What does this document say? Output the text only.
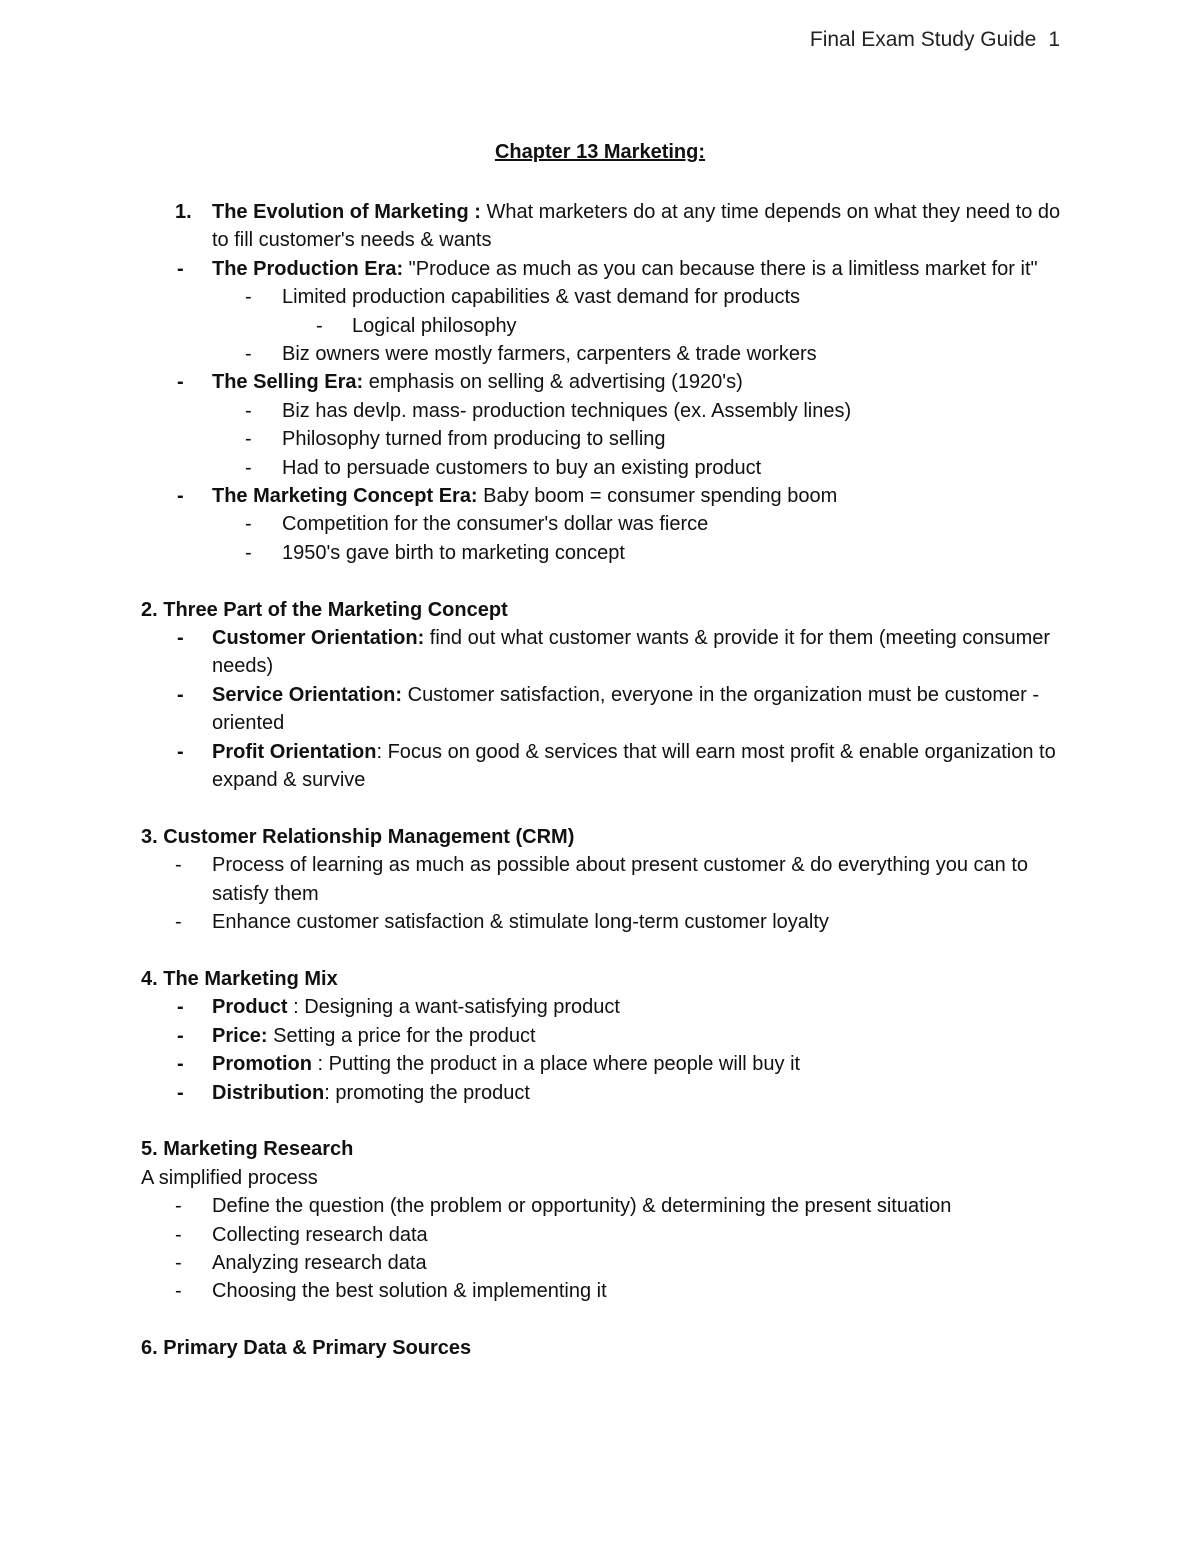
Final Exam Study Guide 1
Chapter 13 Marketing:
1. The Evolution of Marketing : What marketers do at any time depends on what they need to do to fill customer's needs & wants
- The Production Era: "Produce as much as you can because there is a limitless market for it"
- Limited production capabilities & vast demand for products
- Logical philosophy
- Biz owners were mostly farmers, carpenters & trade workers
- The Selling Era: emphasis on selling & advertising (1920's)
- Biz has devlp. mass- production techniques (ex. Assembly lines)
- Philosophy turned from producing to selling
- Had to persuade customers to buy an existing product
- The Marketing Concept Era: Baby boom = consumer spending boom
- Competition for the consumer's dollar was fierce
- 1950's gave birth to marketing concept
2. Three Part of the Marketing Concept
- Customer Orientation: find out what customer wants & provide it for them (meeting consumer needs)
- Service Orientation: Customer satisfaction, everyone in the organization must be customer - oriented
- Profit Orientation: Focus on good & services that will earn most profit & enable organization to expand & survive
3. Customer Relationship Management (CRM)
- Process of learning as much as possible about present customer & do everything you can to satisfy them
- Enhance customer satisfaction & stimulate long-term customer loyalty
4. The Marketing Mix
- Product : Designing a want-satisfying product
- Price: Setting a price for the product
- Promotion : Putting the product in a place where people will buy it
- Distribution: promoting the product
5. Marketing Research
A simplified process
- Define the question (the problem or opportunity) & determining the present situation
- Collecting research data
- Analyzing research data
- Choosing the best solution & implementing it
6. Primary Data & Primary Sources
